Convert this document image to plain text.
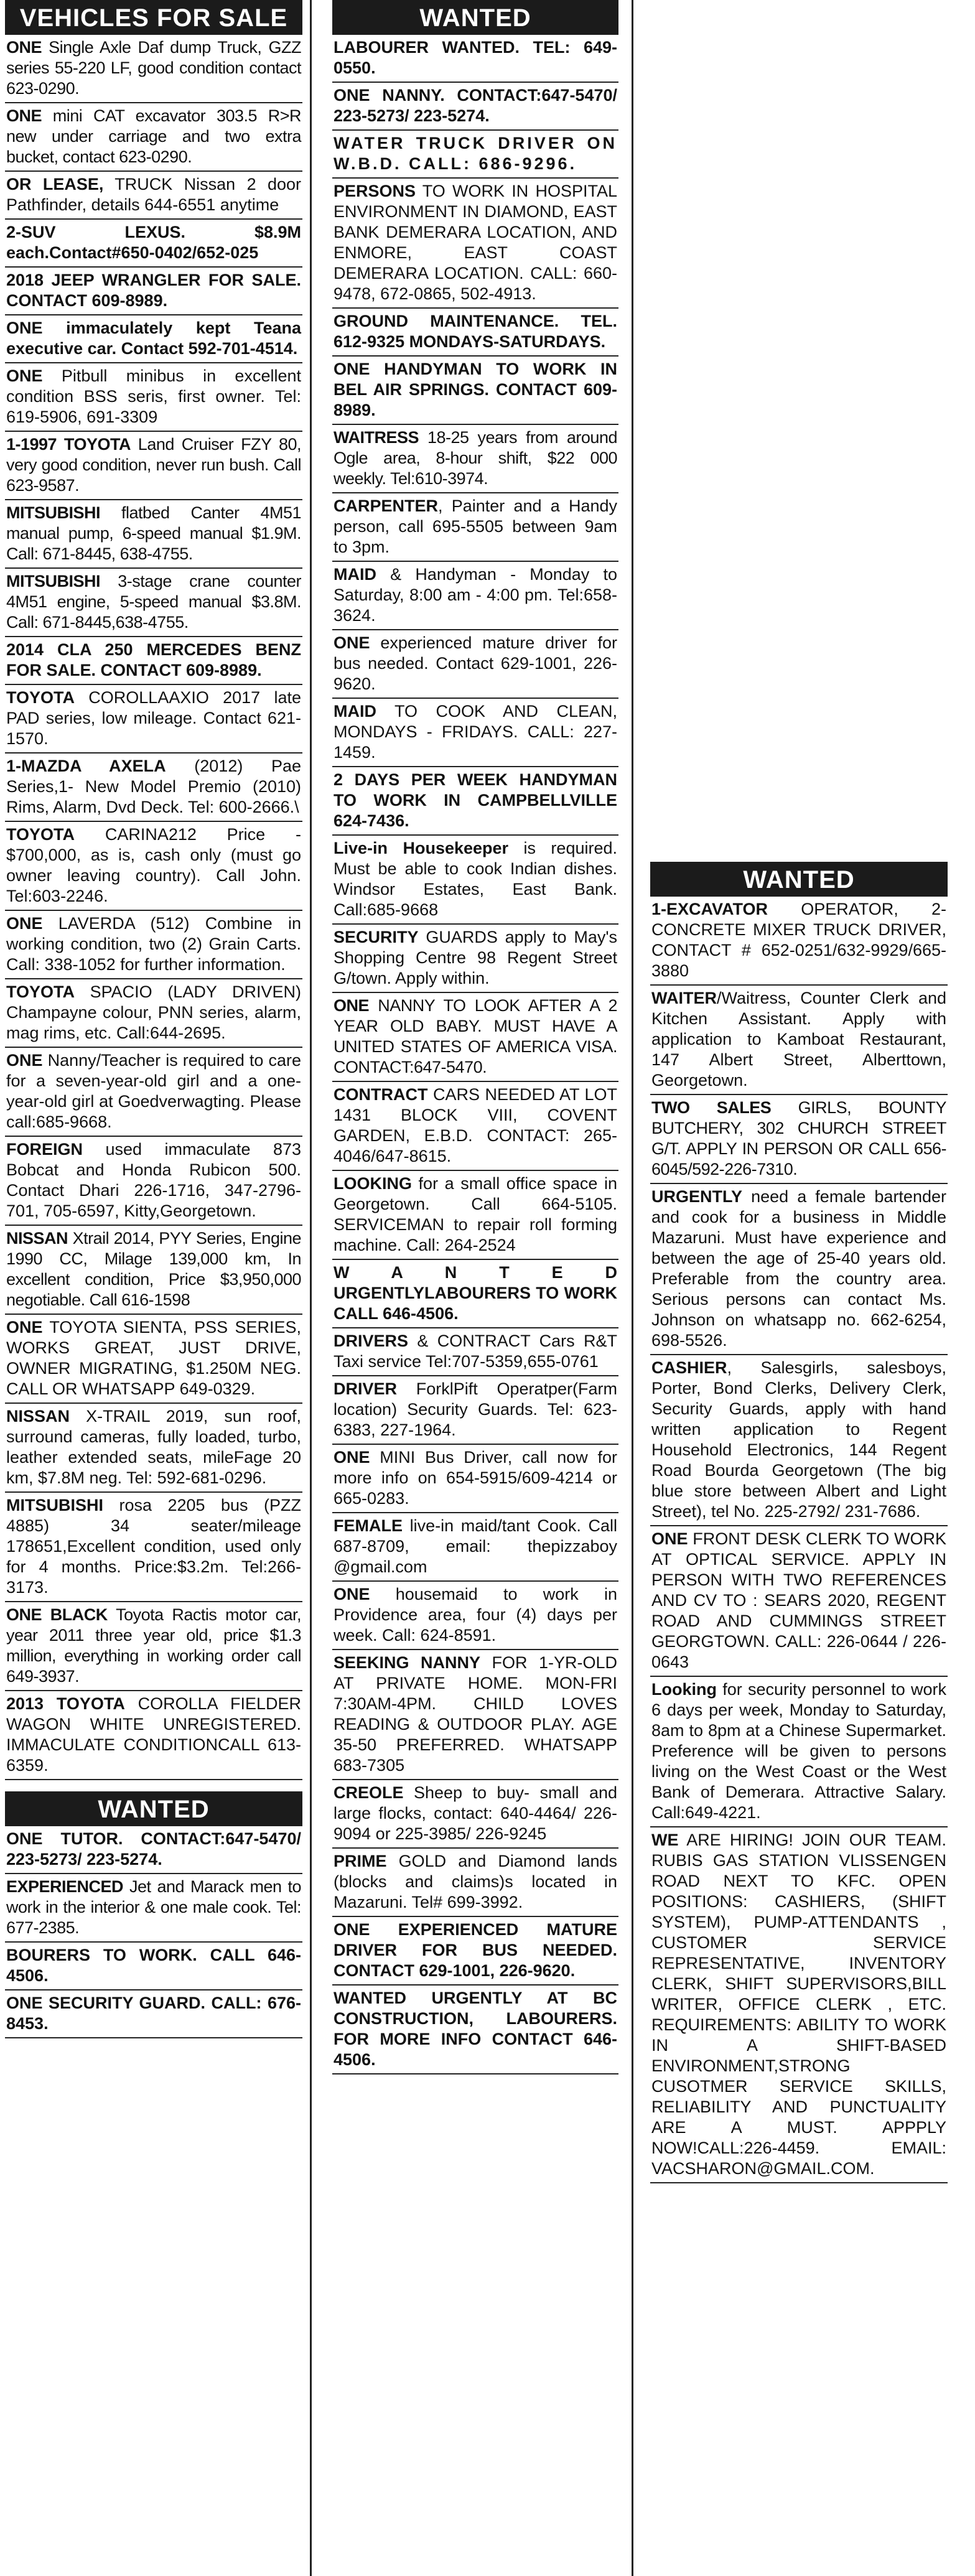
VEHICLES FOR SALE
ONE Single Axle Daf dump Truck, GZZ series 55-220 LF, good condition contact 623-0290.
ONE mini CAT excavator 303.5 R>R new under carriage and two extra bucket, contact 623-0290.
OR LEASE, TRUCK Nissan 2 door Pathfinder, details 644-6551 anytime
2-SUV LEXUS. $8.9M each.Contact#650-0402/652-025
2018 JEEP WRANGLER FOR SALE. CONTACT 609-8989.
ONE immaculately kept Teana executive car. Contact 592-701-4514.
ONE Pitbull minibus in excellent condition BSS seris, first owner. Tel: 619-5906, 691-3309
1-1997 TOYOTA Land Cruiser FZY 80, very good condition, never run bush. Call 623-9587.
MITSUBISHI flatbed Canter 4M51 manual pump, 6-speed manual $1.9M. Call: 671-8445, 638-4755.
MITSUBISHI 3-stage crane counter 4M51 engine, 5-speed manual $3.8M. Call: 671-8445,638-4755.
2014 CLA 250 MERCEDES BENZ FOR SALE. CONTACT 609-8989.
TOYOTA COROLLAAXIO 2017 late PAD series, low mileage. Contact 621-1570.
1-MAZDA AXELA (2012) Pae Series,1- New Model Premio (2010) Rims, Alarm, Dvd Deck. Tel: 600-2666.\
TOYOTA CARINA212 Price - $700,000, as is, cash only (must go owner leaving country). Call John. Tel:603-2246.
ONE LAVERDA (512) Combine in working condition, two (2) Grain Carts. Call: 338-1052 for further information.
TOYOTA SPACIO (LADY DRIVEN) Champayne colour, PNN series, alarm, mag rims, etc. Call:644-2695.
ONE Nanny/Teacher is required to care for a seven-year-old girl and a one-year-old girl at Goedverwagting. Please call:685-9668.
FOREIGN used immaculate 873 Bobcat and Honda Rubicon 500. Contact Dhari 226-1716, 347-2796-701, 705-6597, Kitty,Georgetown.
NISSAN Xtrail 2014, PYY Series, Engine 1990 CC, Milage 139,000 km, In excellent condition, Price $3,950,000 negotiable. Call 616-1598
ONE TOYOTA SIENTA, PSS SERIES, WORKS GREAT, JUST DRIVE, OWNER MIGRATING, $1.250M NEG. CALL OR WHATSAPP 649-0329.
NISSAN X-TRAIL 2019, sun roof, surround cameras, fully loaded, turbo, leather extended seats, mileFage 20 km, $7.8M neg. Tel: 592-681-0296.
MITSUBISHI rosa 2205 bus (PZZ 4885) 34 seater/mileage 178651,Excellent condition, used only for 4 months. Price:$3.2m. Tel:266-3173.
ONE BLACK Toyota Ractis motor car, year 2011 three year old, price $1.3 million, everything in working order call 649-3937.
2013 TOYOTA COROLLA FIELDER WAGON WHITE UNREGISTERED. IMMACULATE CONDITIONCALL 613-6359.
WANTED
ONE TUTOR. CONTACT:647-5470/ 223-5273/ 223-5274.
EXPERIENCED Jet and Marack men to work in the interior & one male cook. Tel: 677-2385.
BOURERS TO WORK. CALL 646-4506.
ONE SECURITY GUARD. CALL: 676-8453.
WANTED
LABOURER WANTED. TEL: 649-0550.
ONE NANNY. CONTACT:647-5470/ 223-5273/ 223-5274.
WATER TRUCK DRIVER ON W.B.D. CALL: 686-9296.
PERSONS TO WORK IN HOSPITAL ENVIRONMENT IN DIAMOND, EAST BANK DEMERARA LOCATION, AND ENMORE, EAST COAST DEMERARA LOCATION. CALL: 660-9478, 672-0865, 502-4913.
GROUND MAINTENANCE. TEL. 612-9325 MONDAYS-SATURDAYS.
ONE HANDYMAN TO WORK IN BEL AIR SPRINGS. CONTACT 609-8989.
WAITRESS 18-25 years from around Ogle area, 8-hour shift, $22 000 weekly. Tel:610-3974.
CARPENTER, Painter and a Handy person, call 695-5505 between 9am to 3pm.
MAID & Handyman - Monday to Saturday, 8:00 am - 4:00 pm. Tel:658-3624.
ONE experienced mature driver for bus needed. Contact 629-1001, 226-9620.
MAID TO COOK AND CLEAN, MONDAYS - FRIDAYS. CALL: 227-1459.
2 DAYS PER WEEK HANDYMAN TO WORK IN CAMPBELLVILLE 624-7436.
Live-in Housekeeper is required. Must be able to cook Indian dishes. Windsor Estates, East Bank. Call:685-9668
SECURITY GUARDS apply to May's Shopping Centre 98 Regent Street G/town. Apply within.
ONE NANNY TO LOOK AFTER A 2 YEAR OLD BABY. MUST HAVE A UNITED STATES OF AMERICA VISA. CONTACT:647-5470.
CONTRACT CARS NEEDED AT LOT 1431 BLOCK VIII, COVENT GARDEN, E.B.D. CONTACT: 265-4046/647-8615.
LOOKING for a small office space in Georgetown. Call 664-5105. SERVICEMAN to repair roll forming machine. Call: 264-2524
W A N T E D URGENTLYLABOURERS TO WORK CALL 646-4506.
DRIVERS & CONTRACT Cars R&T Taxi service Tel:707-5359,655-0761
DRIVER ForklPift Operatper(Farm location) Security Guards. Tel: 623-6383, 227-1964.
ONE MINI Bus Driver, call now for more info on 654-5915/609-4214 or 665-0283.
FEMALE live-in maid/tant Cook. Call 687-8709, email: thepizzaboy @gmail.com
ONE housemaid to work in Providence area, four (4) days per week. Call: 624-8591.
SEEKING NANNY FOR 1-YR-OLD AT PRIVATE HOME. MON-FRI 7:30AM-4PM. CHILD LOVES READING & OUTDOOR PLAY. AGE 35-50 PREFERRED. WHATSAPP 683-7305
CREOLE Sheep to buy- small and large flocks, contact: 640-4464/ 226-9094 or 225-3985/ 226-9245
PRIME GOLD and Diamond lands (blocks and claims)s located in Mazaruni. Tel# 699-3992.
ONE EXPERIENCED MATURE DRIVER FOR BUS NEEDED. CONTACT 629-1001, 226-9620.
WANTED URGENTLY AT BC CONSTRUCTION, LABOURERS. FOR MORE INFO CONTACT 646-4506.
WANTED
1-EXCAVATOR OPERATOR, 2- CONCRETE MIXER TRUCK DRIVER, CONTACT # 652-0251/632-9929/665-3880
WAITER/Waitress, Counter Clerk and Kitchen Assistant. Apply with application to Kamboat Restaurant, 147 Albert Street, Alberttown, Georgetown.
TWO SALES GIRLS, BOUNTY BUTCHERY, 302 CHURCH STREET G/T. APPLY IN PERSON OR CALL 656-6045/592-226-7310.
URGENTLY need a female bartender and cook for a business in Middle Mazaruni. Must have experience and between the age of 25-40 years old. Preferable from the country area. Serious persons can contact Ms. Johnson on whatsapp no. 662-6254, 698-5526.
CASHIER, Salesgirls, salesboys, Porter, Bond Clerks, Delivery Clerk, Security Guards, apply with hand written application to Regent Household Electronics, 144 Regent Road Bourda Georgetown (The big blue store between Albert and Light Street), tel No. 225-2792/ 231-7686.
ONE FRONT DESK CLERK TO WORK AT OPTICAL SERVICE. APPLY IN PERSON WITH TWO REFERENCES AND CV TO : SEARS 2020, REGENT ROAD AND CUMMINGS STREET GEORGTOWN. CALL: 226-0644 / 226-0643
Looking for security personnel to work 6 days per week, Monday to Saturday, 8am to 8pm at a Chinese Supermarket. Preference will be given to persons living on the West Coast or the West Bank of Demerara. Attractive Salary. Call:649-4221.
WE ARE HIRING! JOIN OUR TEAM. RUBIS GAS STATION VLISSENGEN ROAD NEXT TO KFC. OPEN POSITIONS: CASHIERS, (SHIFT SYSTEM), PUMP-ATTENDANTS , CUSTOMER SERVICE REPRESENTATIVE, INVENTORY CLERK, SHIFT SUPERVISORS,BILL WRITER, OFFICE CLERK , ETC. REQUIREMENTS: ABILITY TO WORK IN A SHIFT-BASED ENVIRONMENT,STRONG CUSOTMER SERVICE SKILLS, RELIABILITY AND PUNCTUALITY ARE A MUST. APPPLY NOW!CALL:226-4459. EMAIL: VACSHARON@GMAIL.COM.
